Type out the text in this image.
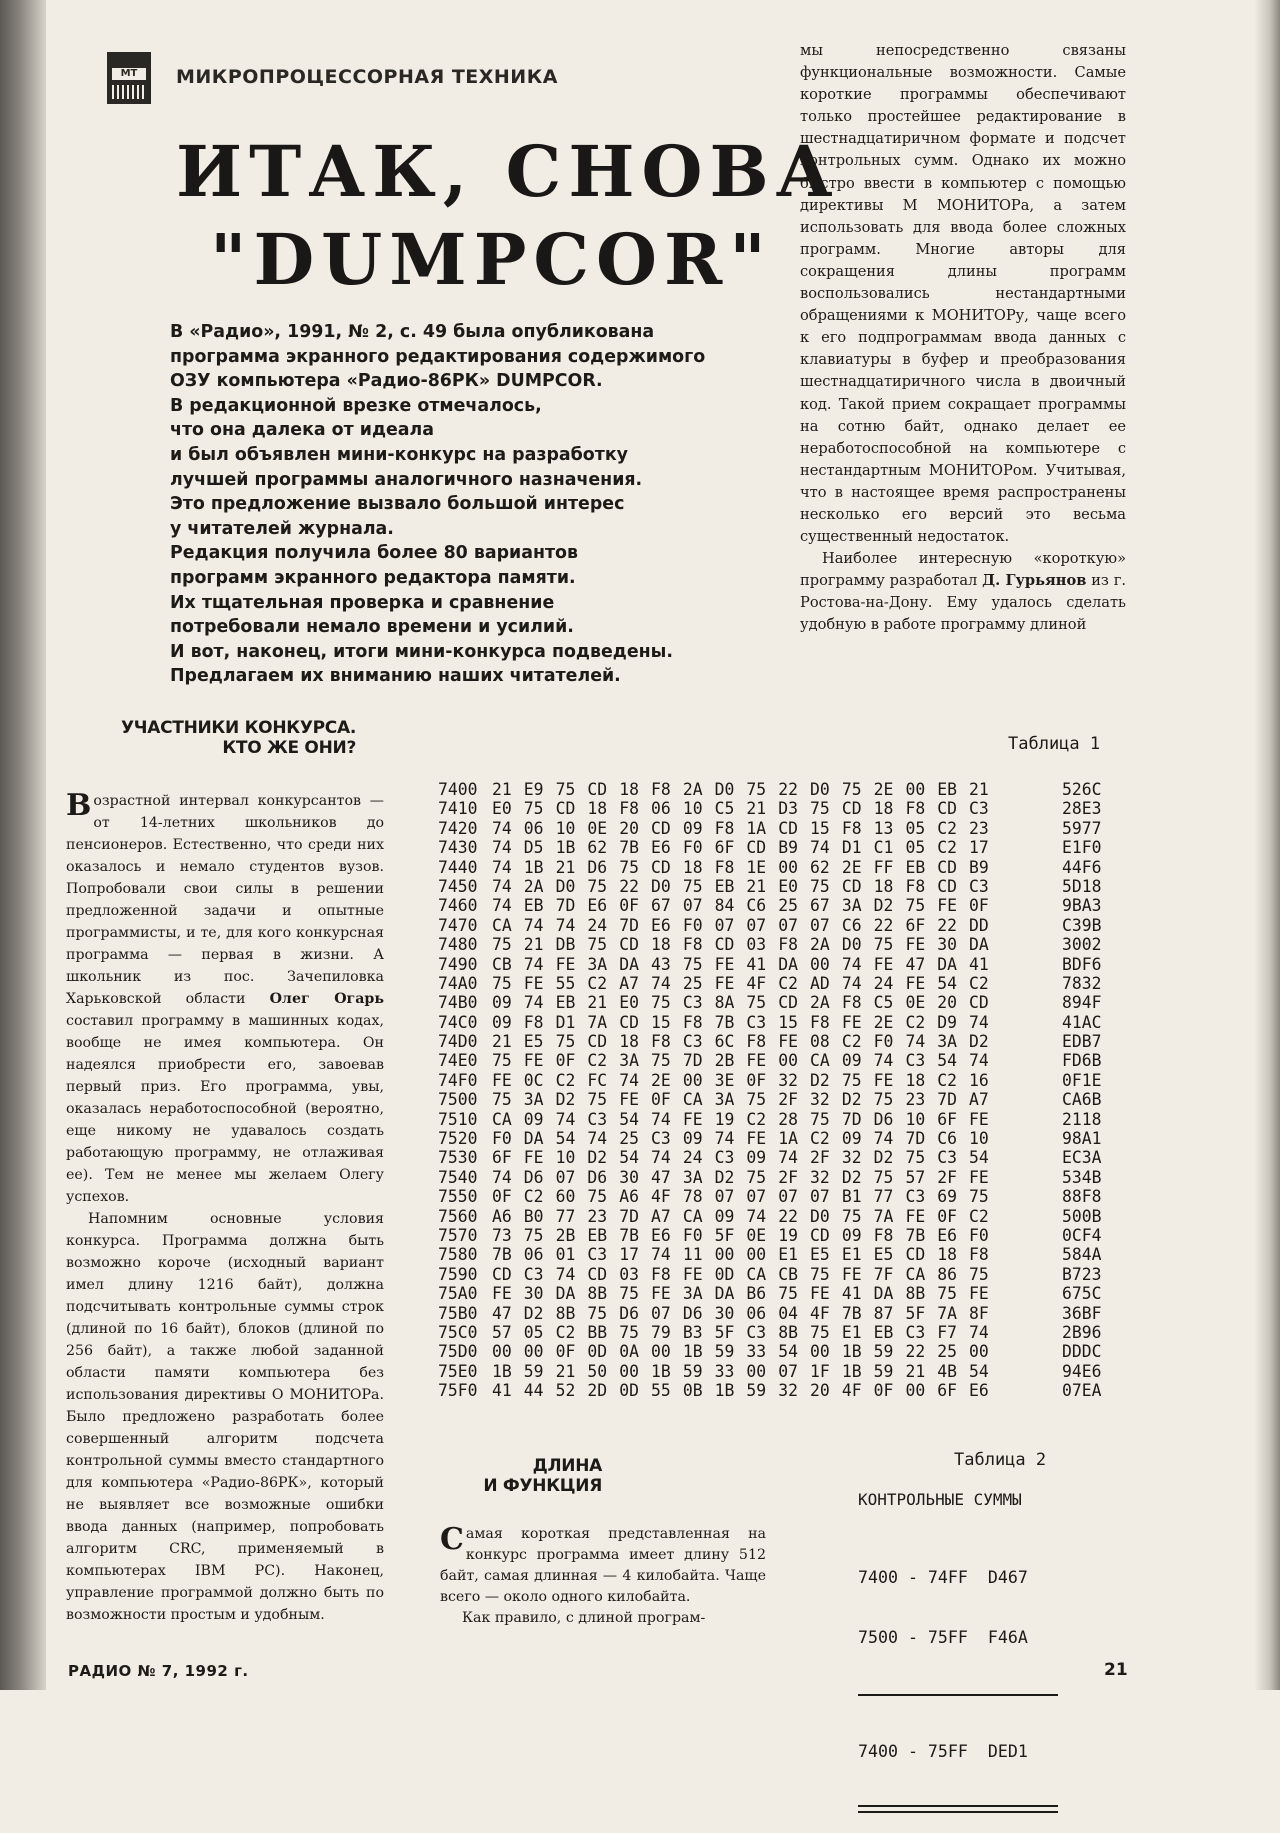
МТ	МИКРОПРОЦЕССОРНАЯ ТЕХНИКА
ИТАК, СНОВА
"DUMPCOR"

В «Радио», 1991, № 2, с. 49 была опубликована

программа экранного редактирования содержимого

ОЗУ компьютера «Радио-86РК» DUMPCOR.

В редакционной врезке отмечалось,

что она далека от идеала

и был объявлен мини-конкурс на разработку

лучшей программы аналогичного назначения.

Это предложение вызвало большой интерес

у читателей журнала.

Редакция получила более 80 вариантов

программ экранного редактора памяти.

Их тщательная проверка и сравнение

потребовали немало времени и усилий.

И вот, наконец, итоги мини-конкурса подведены.

Предлагаем их вниманию наших читателей.

мы непосредственно связаны функциональные возможности. Самые короткие программы обеспечивают только простейшее редактирование в шестнадцатиричном формате и подсчет контрольных сумм. Однако их можно быстро ввести в компьютер с помощью директивы М МОНИТОРа, а затем использовать для ввода более сложных программ. Многие авторы для сокращения длины программ воспользовались нестандартными обращениями к МОНИТОРу, чаще всего к его подпрограммам ввода данных с клавиатуры в буфер и преобразования шестнадцатиричного числа в двоичный код. Такой прием сокращает программы на сотню байт, однако делает ее неработоспособной на компьютере с нестандартным МОНИТОРом. Учитывая, что в настоящее время распространены несколько его версий это весьма существенный недостаток.

Наиболее интересную «короткую» программу разработал Д. Гурьянов из г. Ростова-на-Дону. Ему удалось сделать удобную в работе программу длиной

УЧАСТНИКИ КОНКУРСА.
КТО ЖЕ ОНИ?

Возрастной интервал конкурсантов — от 14-летних школьников до пенсионеров. Естественно, что среди них оказалось и немало студентов вузов. Попробовали свои силы в решении предложенной задачи и опытные программисты, и те, для кого конкурсная программа — первая в жизни. А школьник из пос. Зачепиловка Харьковской области Олег Огарь составил программу в машинных кодах, вообще не имея компьютера. Он надеялся приобрести его, завоевав первый приз. Его программа, увы, оказалась неработоспособной (вероятно, еще никому не удавалось создать работающую программу, не отлаживая ее). Тем не менее мы желаем Олегу успехов.

Напомним основные условия конкурса. Программа должна быть возможно короче (исходный вариант имел длину 1216 байт), должна подсчитывать контрольные суммы строк (длиной по 16 байт), блоков (длиной по 256 байт), а также любой заданной области памяти компьютера без использования директивы О МОНИТОРа. Было предложено разработать более совершенный алгоритм подсчета контрольной суммы вместо стандартного для компьютера «Радио-86РК», который не выявляет все возможные ошибки ввода данных (например, попробовать алгоритм CRC, применяемый в компьютерах IBM PC). Наконец, управление программой должно быть по возможности простым и удобным.

Таблица 1
7400 21 E9 75 CD 18 F8 2A D0 75 22 D0 75 2E 00 EB 21	526C
7410 E0 75 CD 18 F8 06 10 C5 21 D3 75 CD 18 F8 CD C3	28E3
7420 74 06 10 0E 20 CD 09 F8 1A CD 15 F8 13 05 C2 23	5977
7430 74 D5 1B 62 7B E6 F0 6F CD B9 74 D1 C1 05 C2 17	E1F0
7440 74 1B 21 D6 75 CD 18 F8 1E 00 62 2E FF EB CD B9	44F6
7450 74 2A D0 75 22 D0 75 EB 21 E0 75 CD 18 F8 CD C3	5D18
7460 74 EB 7D E6 0F 67 07 84 C6 25 67 3A D2 75 FE 0F	9BA3
7470 CA 74 74 24 7D E6 F0 07 07 07 07 C6 22 6F 22 DD	C39B
7480 75 21 DB 75 CD 18 F8 CD 03 F8 2A D0 75 FE 30 DA	3002
7490 CB 74 FE 3A DA 43 75 FE 41 DA 00 74 FE 47 DA 41	BDF6
74A0 75 FE 55 C2 A7 74 25 FE 4F C2 AD 74 24 FE 54 C2	7832
74B0 09 74 EB 21 E0 75 C3 8A 75 CD 2A F8 C5 0E 20 CD	894F
74C0 09 F8 D1 7A CD 15 F8 7B C3 15 F8 FE 2E C2 D9 74	41AC
74D0 21 E5 75 CD 18 F8 C3 6C F8 FE 08 C2 F0 74 3A D2	EDB7
74E0 75 FE 0F C2 3A 75 7D 2B FE 00 CA 09 74 C3 54 74	FD6B
74F0 FE 0C C2 FC 74 2E 00 3E 0F 32 D2 75 FE 18 C2 16	0F1E
7500 75 3A D2 75 FE 0F CA 3A 75 2F 32 D2 75 23 7D A7	CA6B
7510 CA 09 74 C3 54 74 FE 19 C2 28 75 7D D6 10 6F FE	2118
7520 F0 DA 54 74 25 C3 09 74 FE 1A C2 09 74 7D C6 10	98A1
7530 6F FE 10 D2 54 74 24 C3 09 74 2F 32 D2 75 C3 54	EC3A
7540 74 D6 07 D6 30 47 3A D2 75 2F 32 D2 75 57 2F FE	534B
7550 0F C2 60 75 A6 4F 78 07 07 07 07 B1 77 C3 69 75	88F8
7560 A6 B0 77 23 7D A7 CA 09 74 22 D0 75 7A FE 0F C2	500B
7570 73 75 2B EB 7B E6 F0 5F 0E 19 CD 09 F8 7B E6 F0	0CF4
7580 7B 06 01 C3 17 74 11 00 00 E1 E5 E1 E5 CD 18 F8	584A
7590 CD C3 74 CD 03 F8 FE 0D CA CB 75 FE 7F CA 86 75	B723
75A0 FE 30 DA 8B 75 FE 3A DA B6 75 FE 41 DA 8B 75 FE	675C
75B0 47 D2 8B 75 D6 07 D6 30 06 04 4F 7B 87 5F 7A 8F	36BF
75C0 57 05 C2 BB 75 79 B3 5F C3 8B 75 E1 EB C3 F7 74	2B96
75D0 00 00 0F 0D 0A 00 1B 59 33 54 00 1B 59 22 25 00	DDDC
75E0 1B 59 21 50 00 1B 59 33 00 07 1F 1B 59 21 4B 54	94E6
75F0 41 44 52 2D 0D 55 0B 1B 59 32 20 4F 0F 00 6F E6	07EA
ДЛИНА
И ФУНКЦИЯ

Самая короткая представленная на конкурс программа имеет длину 512 байт, самая длинная — 4 килобайта. Чаще всего — около одного килобайта.

Как правило, с длиной програм-

Таблица 2
КОНТРОЛЬНЫЕ СУММЫ

7400 - 74FF D467

7500 - 75FF F46A

7400 - 75FF DED1

РАДИО № 7, 1992 г.	21
